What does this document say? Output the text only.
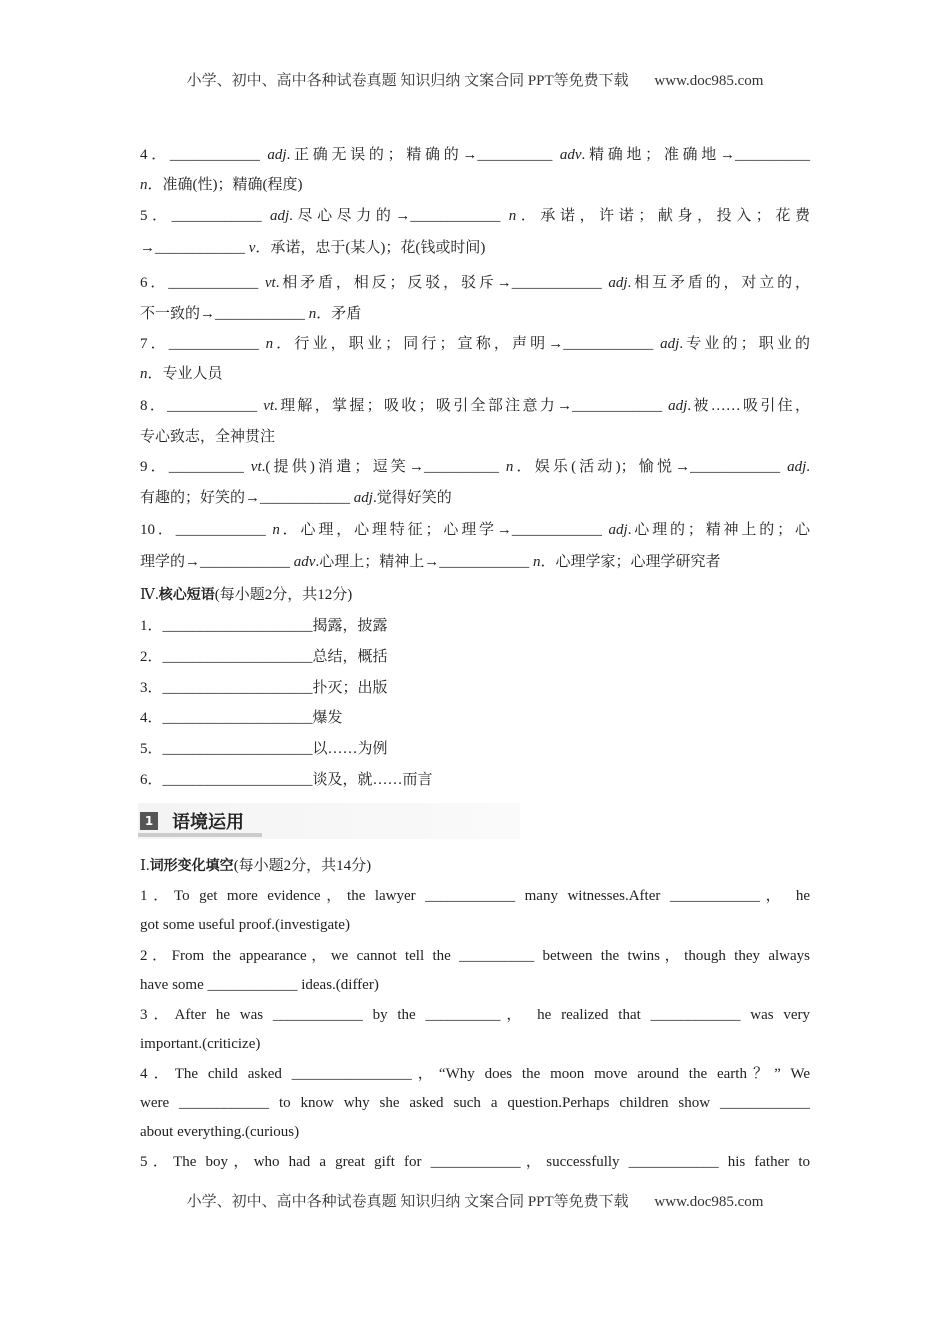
小学、初中、高中各种试卷真题 知识归纳 文案合同 PPT等免费下载 www.doc985.com
4．____________ adj.正确无误的；精确的→__________ adv.精确地；准确地→__________
n．准确(性)；精确(程度)
5．____________ adj.尽心尽力的→____________ n．承诺，许诺；献身，投入；花费
→____________ v．承诺，忠于(某人)；花(钱或时间)
6．____________ vt.相矛盾，相反；反驳，驳斥→____________ adj.相互矛盾的，对立的，
不一致的→____________ n．矛盾
7．____________ n．行业，职业；同行；宣称，声明→____________ adj.专业的；职业的
n．专业人员
8．____________ vt.理解，掌握；吸收；吸引全部注意力→____________ adj.被……吸引住，
专心致志，全神贯注
9．__________ vt.(提供)消遣；逗笑→__________ n．娱乐(活动)；愉悦→____________ adj.
有趣的；好笑的→____________ adj.觉得好笑的
10．____________ n．心理，心理特征；心理学→____________ adj.心理的；精神上的；心
理学的→____________ adv.心理上；精神上→____________ n．心理学家；心理学研究者
Ⅳ.核心短语(每小题2分，共12分)
1．____________________揭露，披露
2．____________________总结，概括
3．____________________扑灭；出版
4．____________________爆发
5．____________________以……为例
6．____________________谈及，就……而言
1 语境运用
Ⅰ.词形变化填空(每小题2分，共14分)
1．To get more evidence，the lawyer ____________ many witnesses.After ____________， he
got some useful proof.(investigate)
2．From the appearance，we cannot tell the __________ between the twins，though they always
have some ____________ ideas.(differ)
3．After he was ____________ by the __________， he realized that ____________ was very
important.(criticize)
4．The child asked ________________，“Why does the moon move around the earth？” We
were ____________ to know why she asked such a question.Perhaps children show ____________
about everything.(curious)
5．The boy，who had a great gift for ____________，successfully ____________ his father to
小学、初中、高中各种试卷真题 知识归纳 文案合同 PPT等免费下载 www.doc985.com
